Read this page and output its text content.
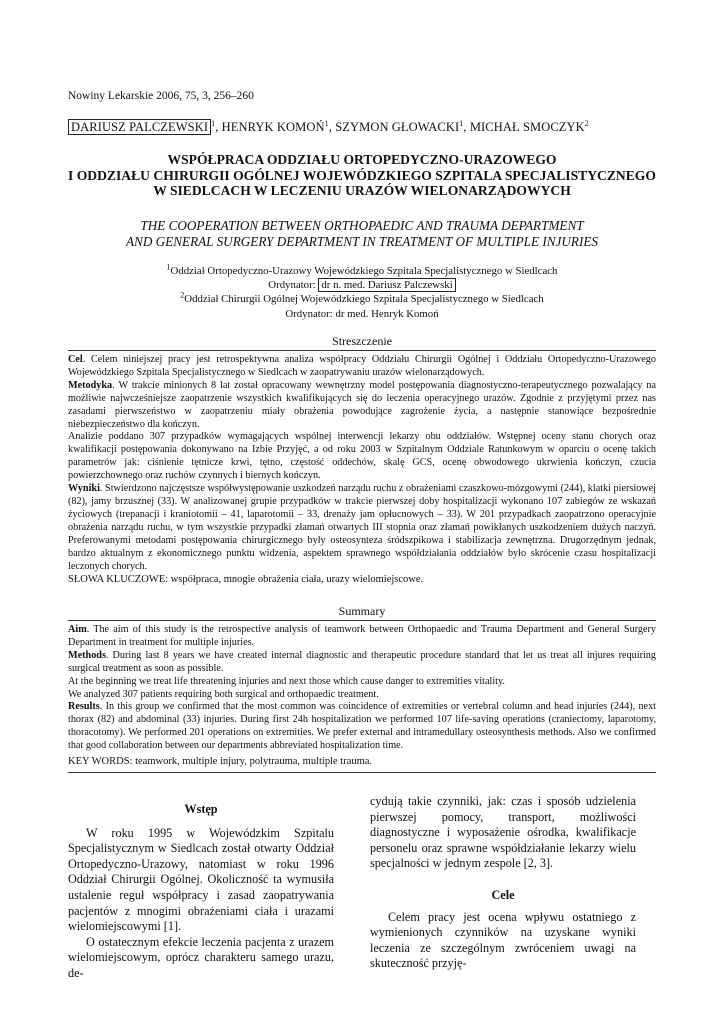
Nowiny Lekarskie 2006, 75, 3, 256–260
DARIUSZ PALCZEWSKI $^1$, HENRYK KOMOŃ$^1$, SZYMON GŁOWACKI$^1$, MICHAŁ SMOCZYK$^2$
WSPÓŁPRACA ODDZIAŁU ORTOPEDYCZNO-URAZOWEGO
I ODDZIAŁU CHIRURGII OGÓLNEJ WOJEWÓDZKIEGO SZPITALA SPECJALISTYCZNEGO
W SIEDLCACH W LECZENIU URAZÓW WIELONARZĄDOWYCH
THE COOPERATION BETWEEN ORTHOPAEDIC AND TRAUMA DEPARTMENT
AND GENERAL SURGERY DEPARTMENT IN TREATMENT OF MULTIPLE INJURIES
$^1$Oddział Ortopedyczno-Urazowy Wojewódzkiego Szpitala Specjalistycznego w Siedlcach
Ordynator: dr n. med. Dariusz Palczewski
$^2$Oddział Chirurgii Ogólnej Wojewódzkiego Szpitala Specjalistycznego w Siedlcach
Ordynator: dr med. Henryk Komoń
Streszczenie

Cel. Celem niniejszej pracy jest retrospektywna analiza współpracy Oddziału Chirurgii Ogólnej i Oddziału Ortopedyczno-Urazowego Wojewódzkiego Szpitala Specjalistycznego w Siedlcach w zaopatrywaniu urazów wielonarządowych.

Metodyka. W trakcie minionych 8 lat został opracowany wewnętrzny model postępowania diagnostyczno-terapeutycznego pozwalający na możliwie najwcześniejsze zaopatrzenie wszystkich kwalifikujących się do leczenia operacyjnego urazów. Zgodnie z przyjętymi przez nas zasadami pierwszeństwo w zaopatrzeniu miały obrażenia powodujące zagrożenie życia, a następnie stanowiące bezpośrednie niebezpieczeństwo dla kończyn.

Analizie poddano 307 przypadków wymagających wspólnej interwencji lekarzy obu oddziałów. Wstępnej oceny stanu chorych oraz kwalifikacji postępowania dokonywano na Izbie Przyjęć, a od roku 2003 w Szpitalnym Oddziale Ratunkowym w oparciu o ocenę takich parametrów jak: ciśnienie tętnicze krwi, tętno, częstość oddechów, skalę GCS, ocenę obwodowego ukrwienia kończyn, czucia powierzchownego oraz ruchów czynnych i biernych kończyn.

Wyniki. Stwierdzono najczęstsze współwystępowanie uszkodzeń narządu ruchu z obrażeniami czaszkowo-mózgowymi (244), klatki piersiowej (82), jamy brzusznej (33). W analizowanej grupie przypadków w trakcie pierwszej doby hospitalizacji wykonano 107 zabiegów ze wskazań życiowych (trepanacji i kraniotomii – 41, laparotomii – 33, drenaży jam opłucnowych – 33). W 201 przypadkach zaopatrzono operacyjnie obrażenia narządu ruchu, w tym wszystkie przypadki złamań otwartych III stopnia oraz złamań powikłanych uszkodzeniem dużych naczyń. Preferowanymi metodami postępowania chirurgicznego były osteosynteza śródszpikowa i stabilizacja zewnętrzna. Drugorzędnym jednak, bardzo aktualnym z ekonomicznego punktu widzenia, aspektem sprawnego współdziałania oddziałów było skrócenie czasu hospitalizacji leczonych chorych.

SŁOWA KLUCZOWE: współpraca, mnogie obrażenia ciała, urazy wielomiejscowe.
Summary

Aim. The aim of this study is the retrospective analysis of teamwork between Orthopaedic and Trauma Department and General Surgery Department in treatment for multiple injuries.

Methods. During last 8 years we have created internal diagnostic and therapeutic procedure standard that let us treat all injures requiring surgical treatment as soon as possible.

At the beginning we treat life threatening injuries and next those which cause danger to extremities vitality.

We analyzed 307 patients requiring both surgical and orthopaedic treatment.

Results. In this group we confirmed that the most common was coincidence of extremities or vertebral column and head injuries (244), next thorax (82) and abdominal (33) injuries. During first 24h hospitalization we performed 107 life-saving operations (craniectomy, laparotomy, thoracotomy). We performed 201 operations on extremities. We prefer external and intramedullary osteosynthesis methods. Also we confirmed that good collaboration between our departments abbreviated hospitalization time.

KEY WORDS: teamwork, multiple injury, polytrauma, multiple trauma.
Wstęp

W roku 1995 w Wojewódzkim Szpitalu Specjalistycznym w Siedlcach został otwarty Oddział Ortopedyczno-Urazowy, natomiast w roku 1996 Oddział Chirurgii Ogólnej. Okoliczność ta wymusiła ustalenie reguł współpracy i zasad zaopatrywania pacjentów z mnogimi obrażeniami ciała i urazami wielomiejscowymi [1].

O ostatecznym efekcie leczenia pacjenta z urazem wielomiejscowym, oprócz charakteru samego urazu, de-

cydują takie czynniki, jak: czas i sposób udzielenia pierwszej pomocy, transport, możliwości diagnostyczne i wyposażenie ośrodka, kwalifikacje personelu oraz sprawne współdziałanie lekarzy wielu specjalności w jednym zespole [2, 3].

Cele

Celem pracy jest ocena wpływu ostatniego z wymienionych czynników na uzyskane wyniki leczenia ze szczególnym zwróceniem uwagi na skuteczność przyję-
